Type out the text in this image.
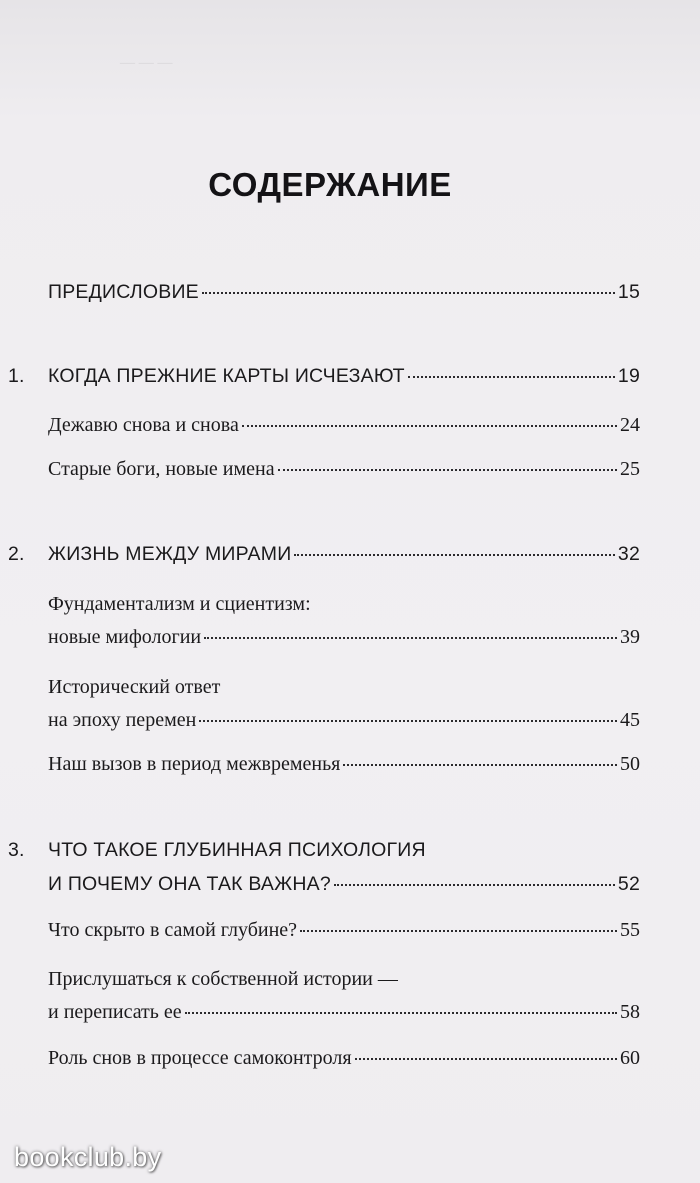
— — —
СОДЕРЖАНИЕ
ПРЕДИСЛОВИЕ	15
1.	КОГДА ПРЕЖНИЕ КАРТЫ ИСЧЕЗАЮТ	19
Дежавю снова и снова	24
Старые боги, новые имена	25
2.	ЖИЗНЬ МЕЖДУ МИРАМИ	32
Фундаментализм и сциентизм:
новые мифологии	39
Исторический ответ
на эпоху перемен	45
Наш вызов в период межвременья	50
3.	ЧТО ТАКОЕ ГЛУБИННАЯ ПСИХОЛОГИЯ
И ПОЧЕМУ ОНА ТАК ВАЖНА?	52
Что скрыто в самой глубине?	55
Прислушаться к собственной истории —
и переписать ее	58
Роль снов в процессе самоконтроля	60
bookclub.by
